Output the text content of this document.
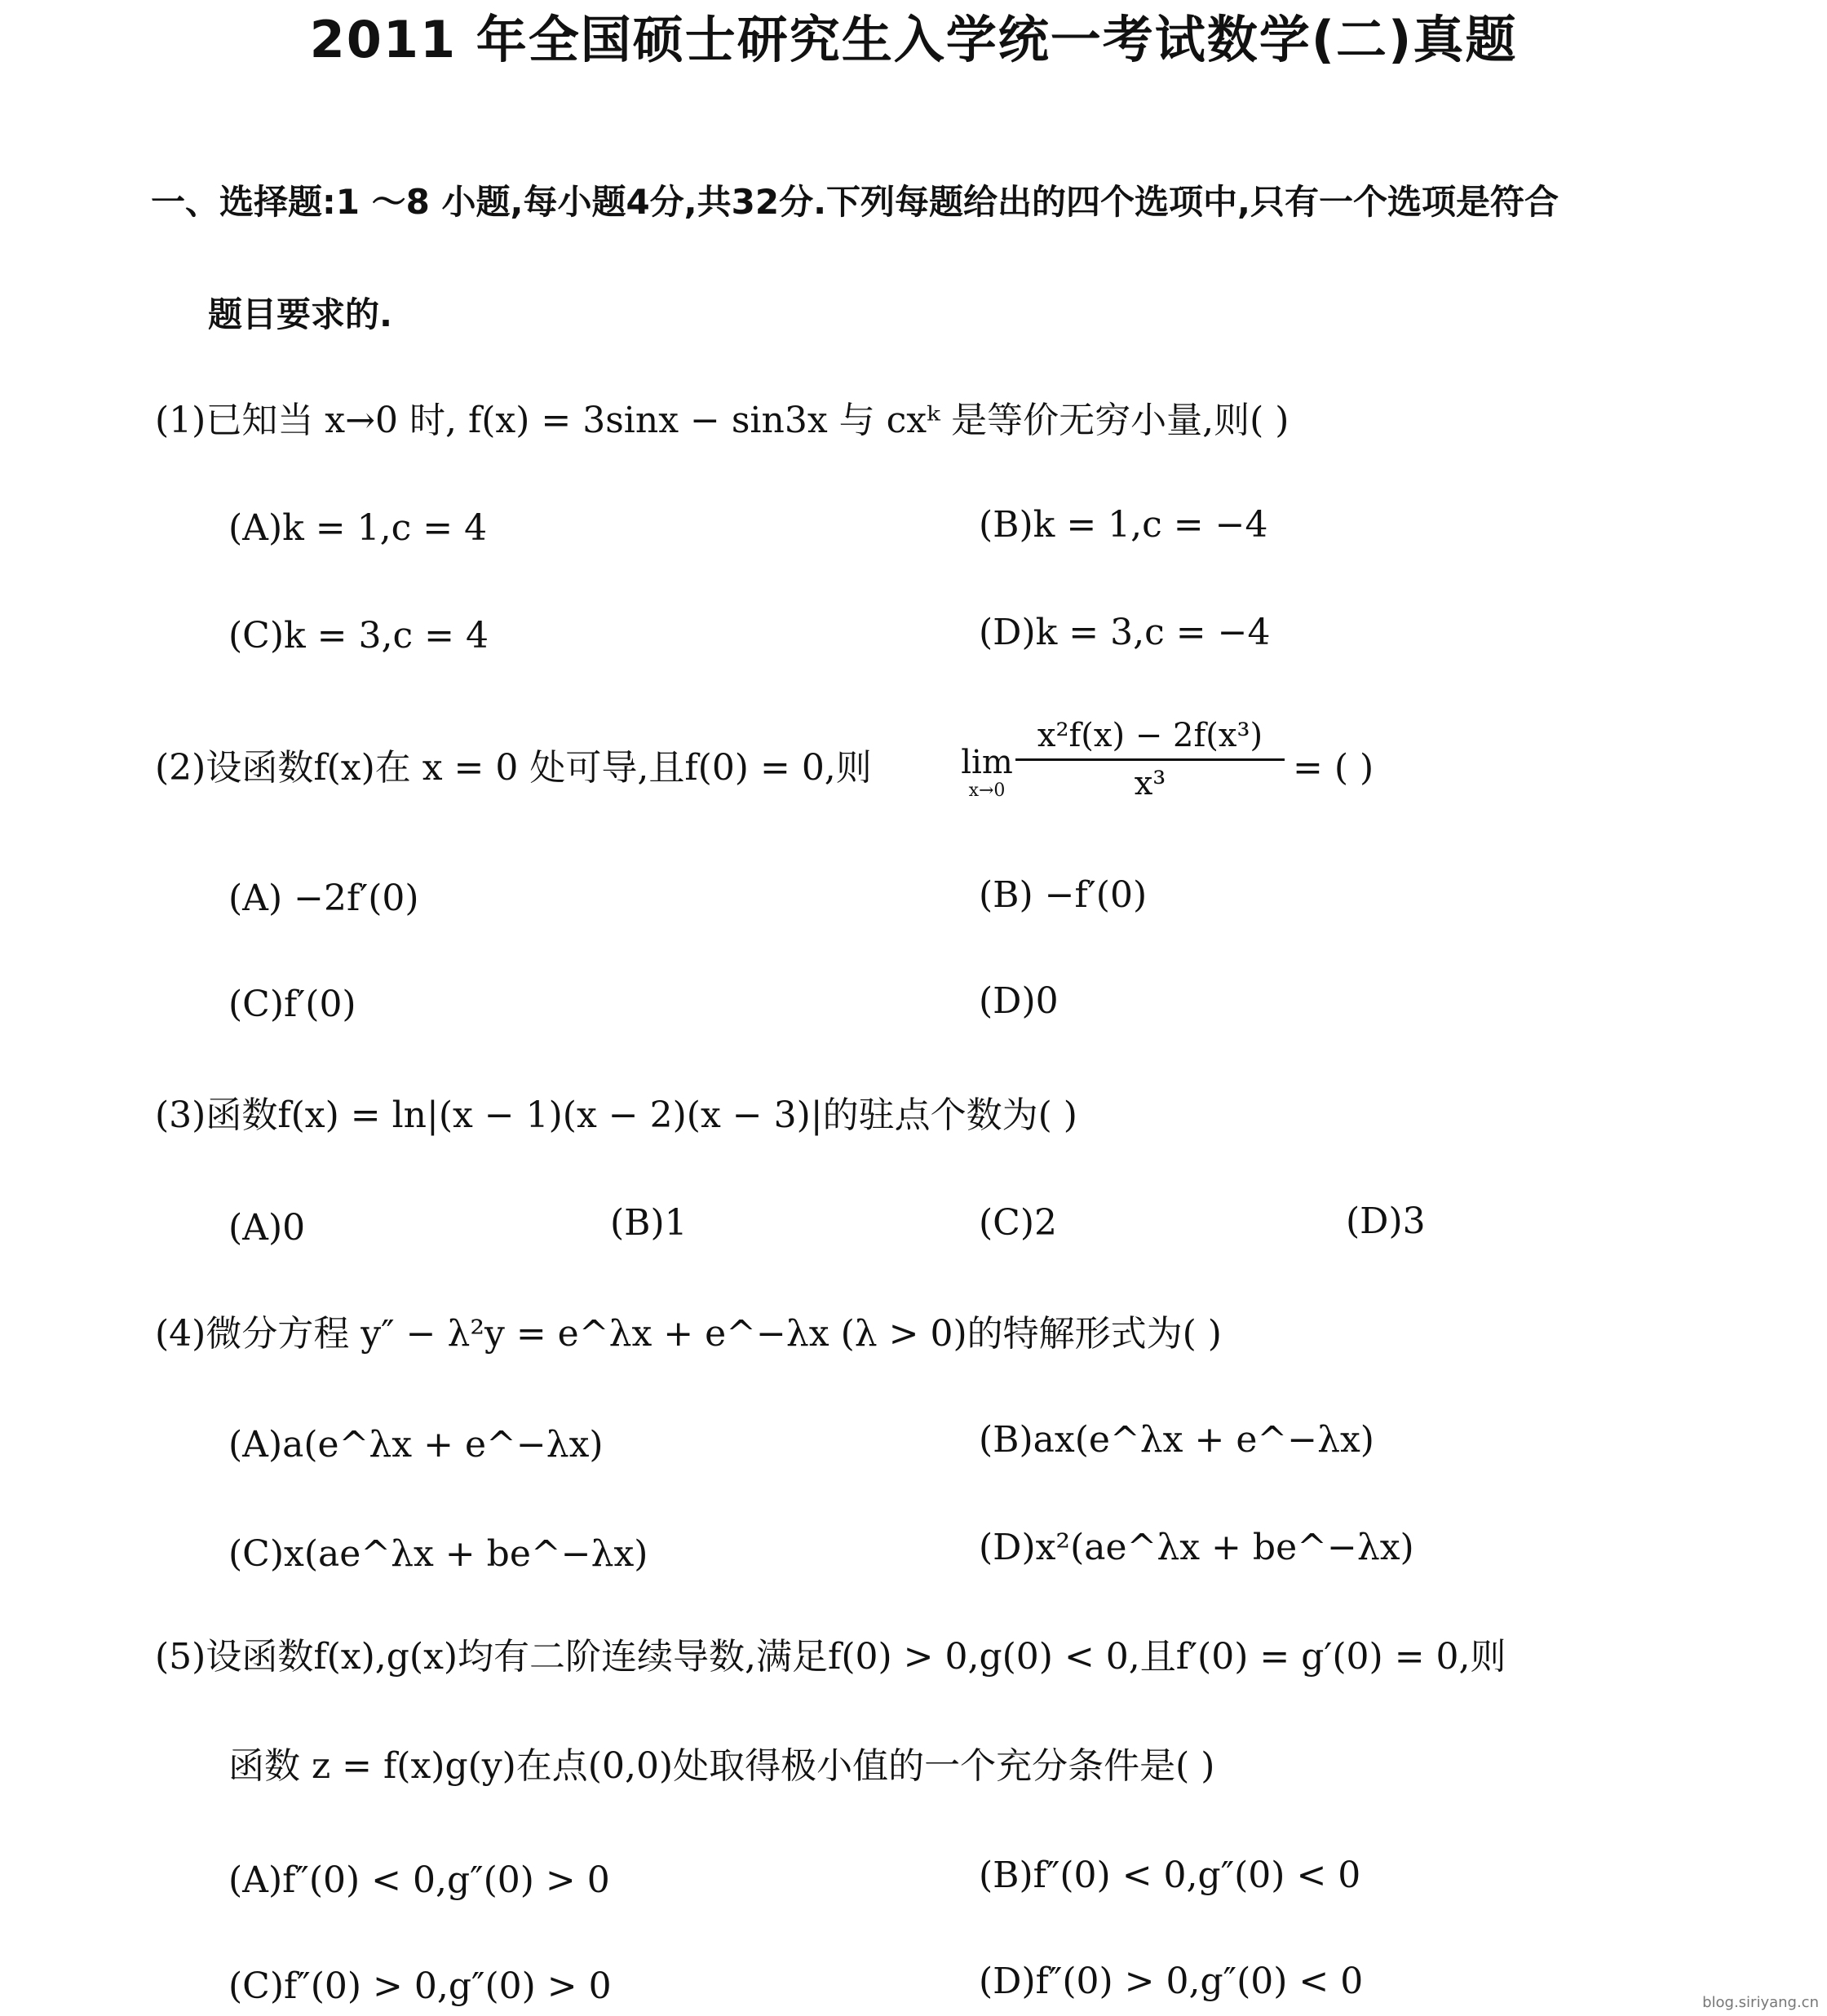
2011 年全国硕士研究生入学统一考试数学(二)真题
一、选择题:1 ～8 小题,每小题4分,共32分.下列每题给出的四个选项中,只有一个选项是符合
题目要求的.
(1)已知当 x→0 时, f(x) = 3sinx − sin3x 与 cxᵏ 是等价无穷小量,则( )
(A)k = 1,c = 4	(B)k = 1,c = −4
(C)k = 3,c = 4	(D)k = 3,c = −4
(2)设函数f(x)在 x = 0 处可导,且f(0) = 0,则	lim
x→0
x²f(x) − 2f(x³)
x³	= ( )
(A) −2f′(0)	(B) −f′(0)
(C)f′(0)	(D)0
(3)函数f(x) = ln|(x − 1)(x − 2)(x − 3)|的驻点个数为( )
(A)0	(B)1	(C)2	(D)3
(4)微分方程 y″ − λ²y = e^λx + e^−λx (λ > 0)的特解形式为( )
(A)a(e^λx + e^−λx)	(B)ax(e^λx + e^−λx)
(C)x(ae^λx + be^−λx)	(D)x²(ae^λx + be^−λx)
(5)设函数f(x),g(x)均有二阶连续导数,满足f(0) > 0,g(0) < 0,且f′(0) = g′(0) = 0,则
函数 z = f(x)g(y)在点(0,0)处取得极小值的一个充分条件是( )
(A)f″(0) < 0,g″(0) > 0	(B)f″(0) < 0,g″(0) < 0
(C)f″(0) > 0,g″(0) > 0	(D)f″(0) > 0,g″(0) < 0
blog.siriyang.cn
